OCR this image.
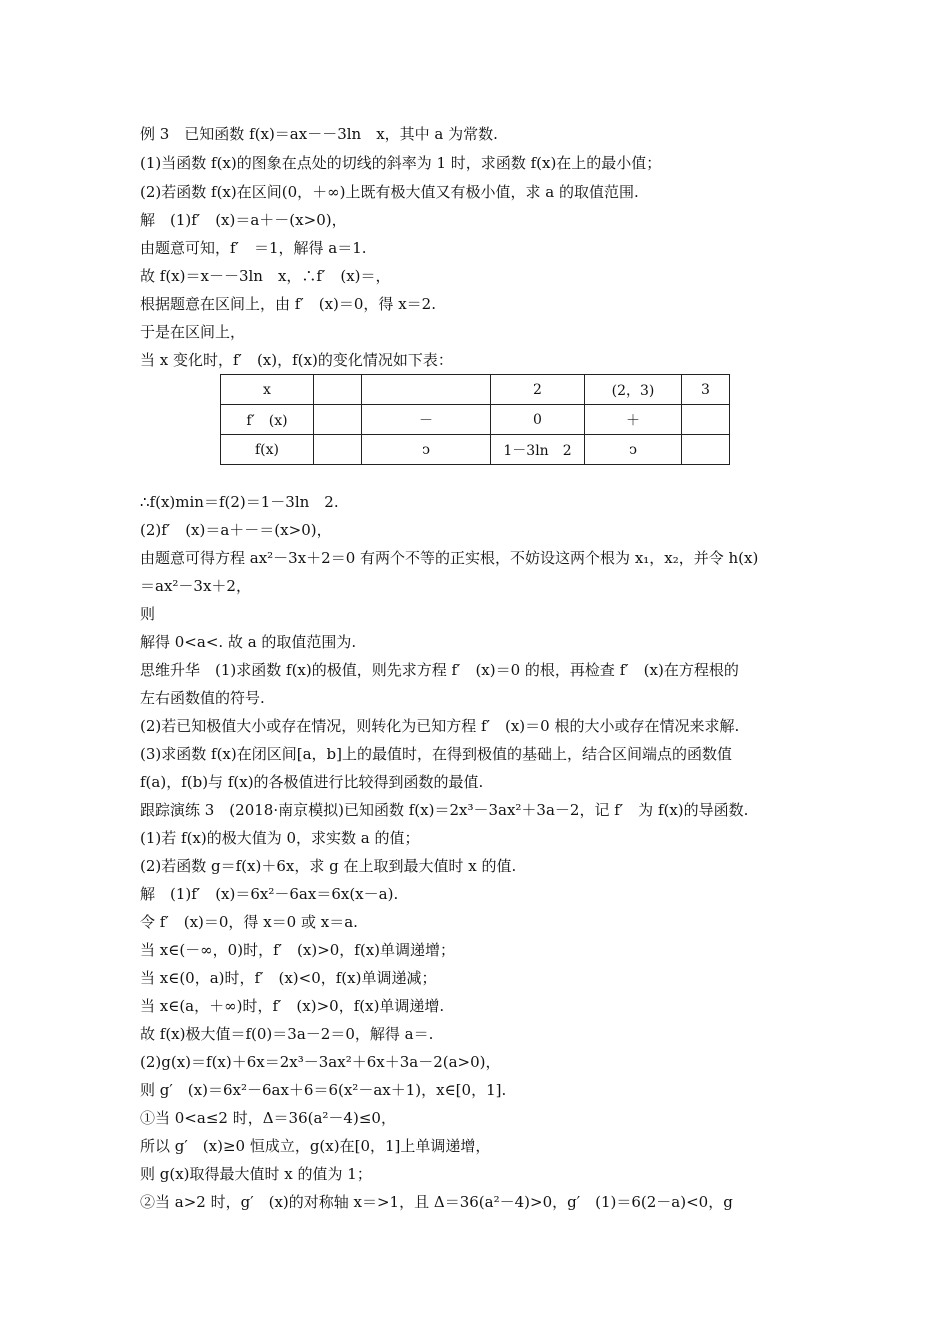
例 3　已知函数 f(x)＝ax－－3ln　x，其中 a 为常数.
(1)当函数 f(x)的图象在点处的切线的斜率为 1 时，求函数 f(x)在上的最小值；
(2)若函数 f(x)在区间(0，＋∞)上既有极大值又有极小值，求 a 的取值范围.
解　(1)f′　(x)＝a＋－(x>0)，
由题意可知，f′　＝1，解得 a＝1.
故 f(x)＝x－－3ln　x，∴f′　(x)＝，
根据题意在区间上，由 f′　(x)＝0，得 x＝2.
于是在区间上，
当 x 变化时，f′　(x)，f(x)的变化情况如下表：
x			2	(2，3)	3
f′　(x)		－	0	＋	
f(x)		ↄ	1－3ln　2	ↄ	
∴f(x)min＝f(2)＝1－3ln　2.
(2)f′　(x)＝a＋－＝(x>0)，
由题意可得方程 ax²－3x＋2＝0 有两个不等的正实根，不妨设这两个根为 x₁，x₂，并令 h(x)
＝ax²－3x＋2，
则
解得 0<a<. 故 a 的取值范围为.
思维升华　(1)求函数 f(x)的极值，则先求方程 f′　(x)＝0 的根，再检查 f′　(x)在方程根的
左右函数值的符号.
(2)若已知极值大小或存在情况，则转化为已知方程 f′　(x)＝0 根的大小或存在情况来求解.
(3)求函数 f(x)在闭区间[a，b]上的最值时，在得到极值的基础上，结合区间端点的函数值
f(a)，f(b)与 f(x)的各极值进行比较得到函数的最值.
跟踪演练 3　(2018·南京模拟)已知函数 f(x)＝2x³－3ax²＋3a－2，记 f′　为 f(x)的导函数.
(1)若 f(x)的极大值为 0，求实数 a 的值；
(2)若函数 g＝f(x)＋6x，求 g 在上取到最大值时 x 的值.
解　(1)f′　(x)＝6x²－6ax＝6x(x－a).
令 f′　(x)＝0，得 x＝0 或 x＝a.
当 x∈(－∞，0)时，f′　(x)>0，f(x)单调递增；
当 x∈(0，a)时，f′　(x)<0，f(x)单调递减；
当 x∈(a，＋∞)时，f′　(x)>0，f(x)单调递增.
故 f(x)极大值＝f(0)＝3a－2＝0，解得 a＝.
(2)g(x)＝f(x)＋6x＝2x³－3ax²＋6x＋3a－2(a>0)，
则 g′　(x)＝6x²－6ax＋6＝6(x²－ax＋1)，x∈[0，1].
①当 0<a≤2 时，Δ＝36(a²－4)≤0，
所以 g′　(x)≥0 恒成立，g(x)在[0，1]上单调递增，
则 g(x)取得最大值时 x 的值为 1；
②当 a>2 时，g′　(x)的对称轴 x＝>1，且 Δ＝36(a²－4)>0，g′　(1)＝6(2－a)<0，g
